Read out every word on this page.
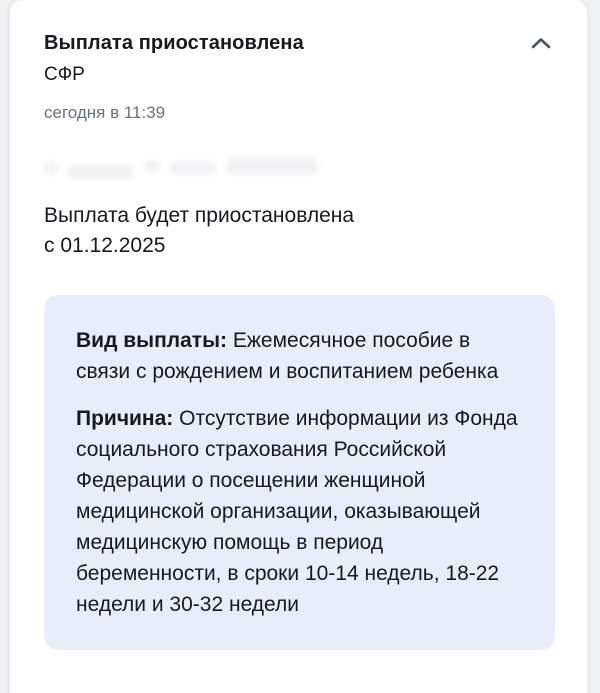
Выплата приостановлена
СФР
сегодня в 11:39
Выплата будет приостановлена
с 01.12.2025

Вид выплаты: Ежемесячное пособие в связи с рождением и воспитанием ребенка

Причина: Отсутствие информации из Фонда социального страхования Российской Федерации о посещении женщиной медицинской организации, оказывающей медицинскую помощь в период беременности, в сроки 10-14 недель, 18-22 недели и 30-32 недели
